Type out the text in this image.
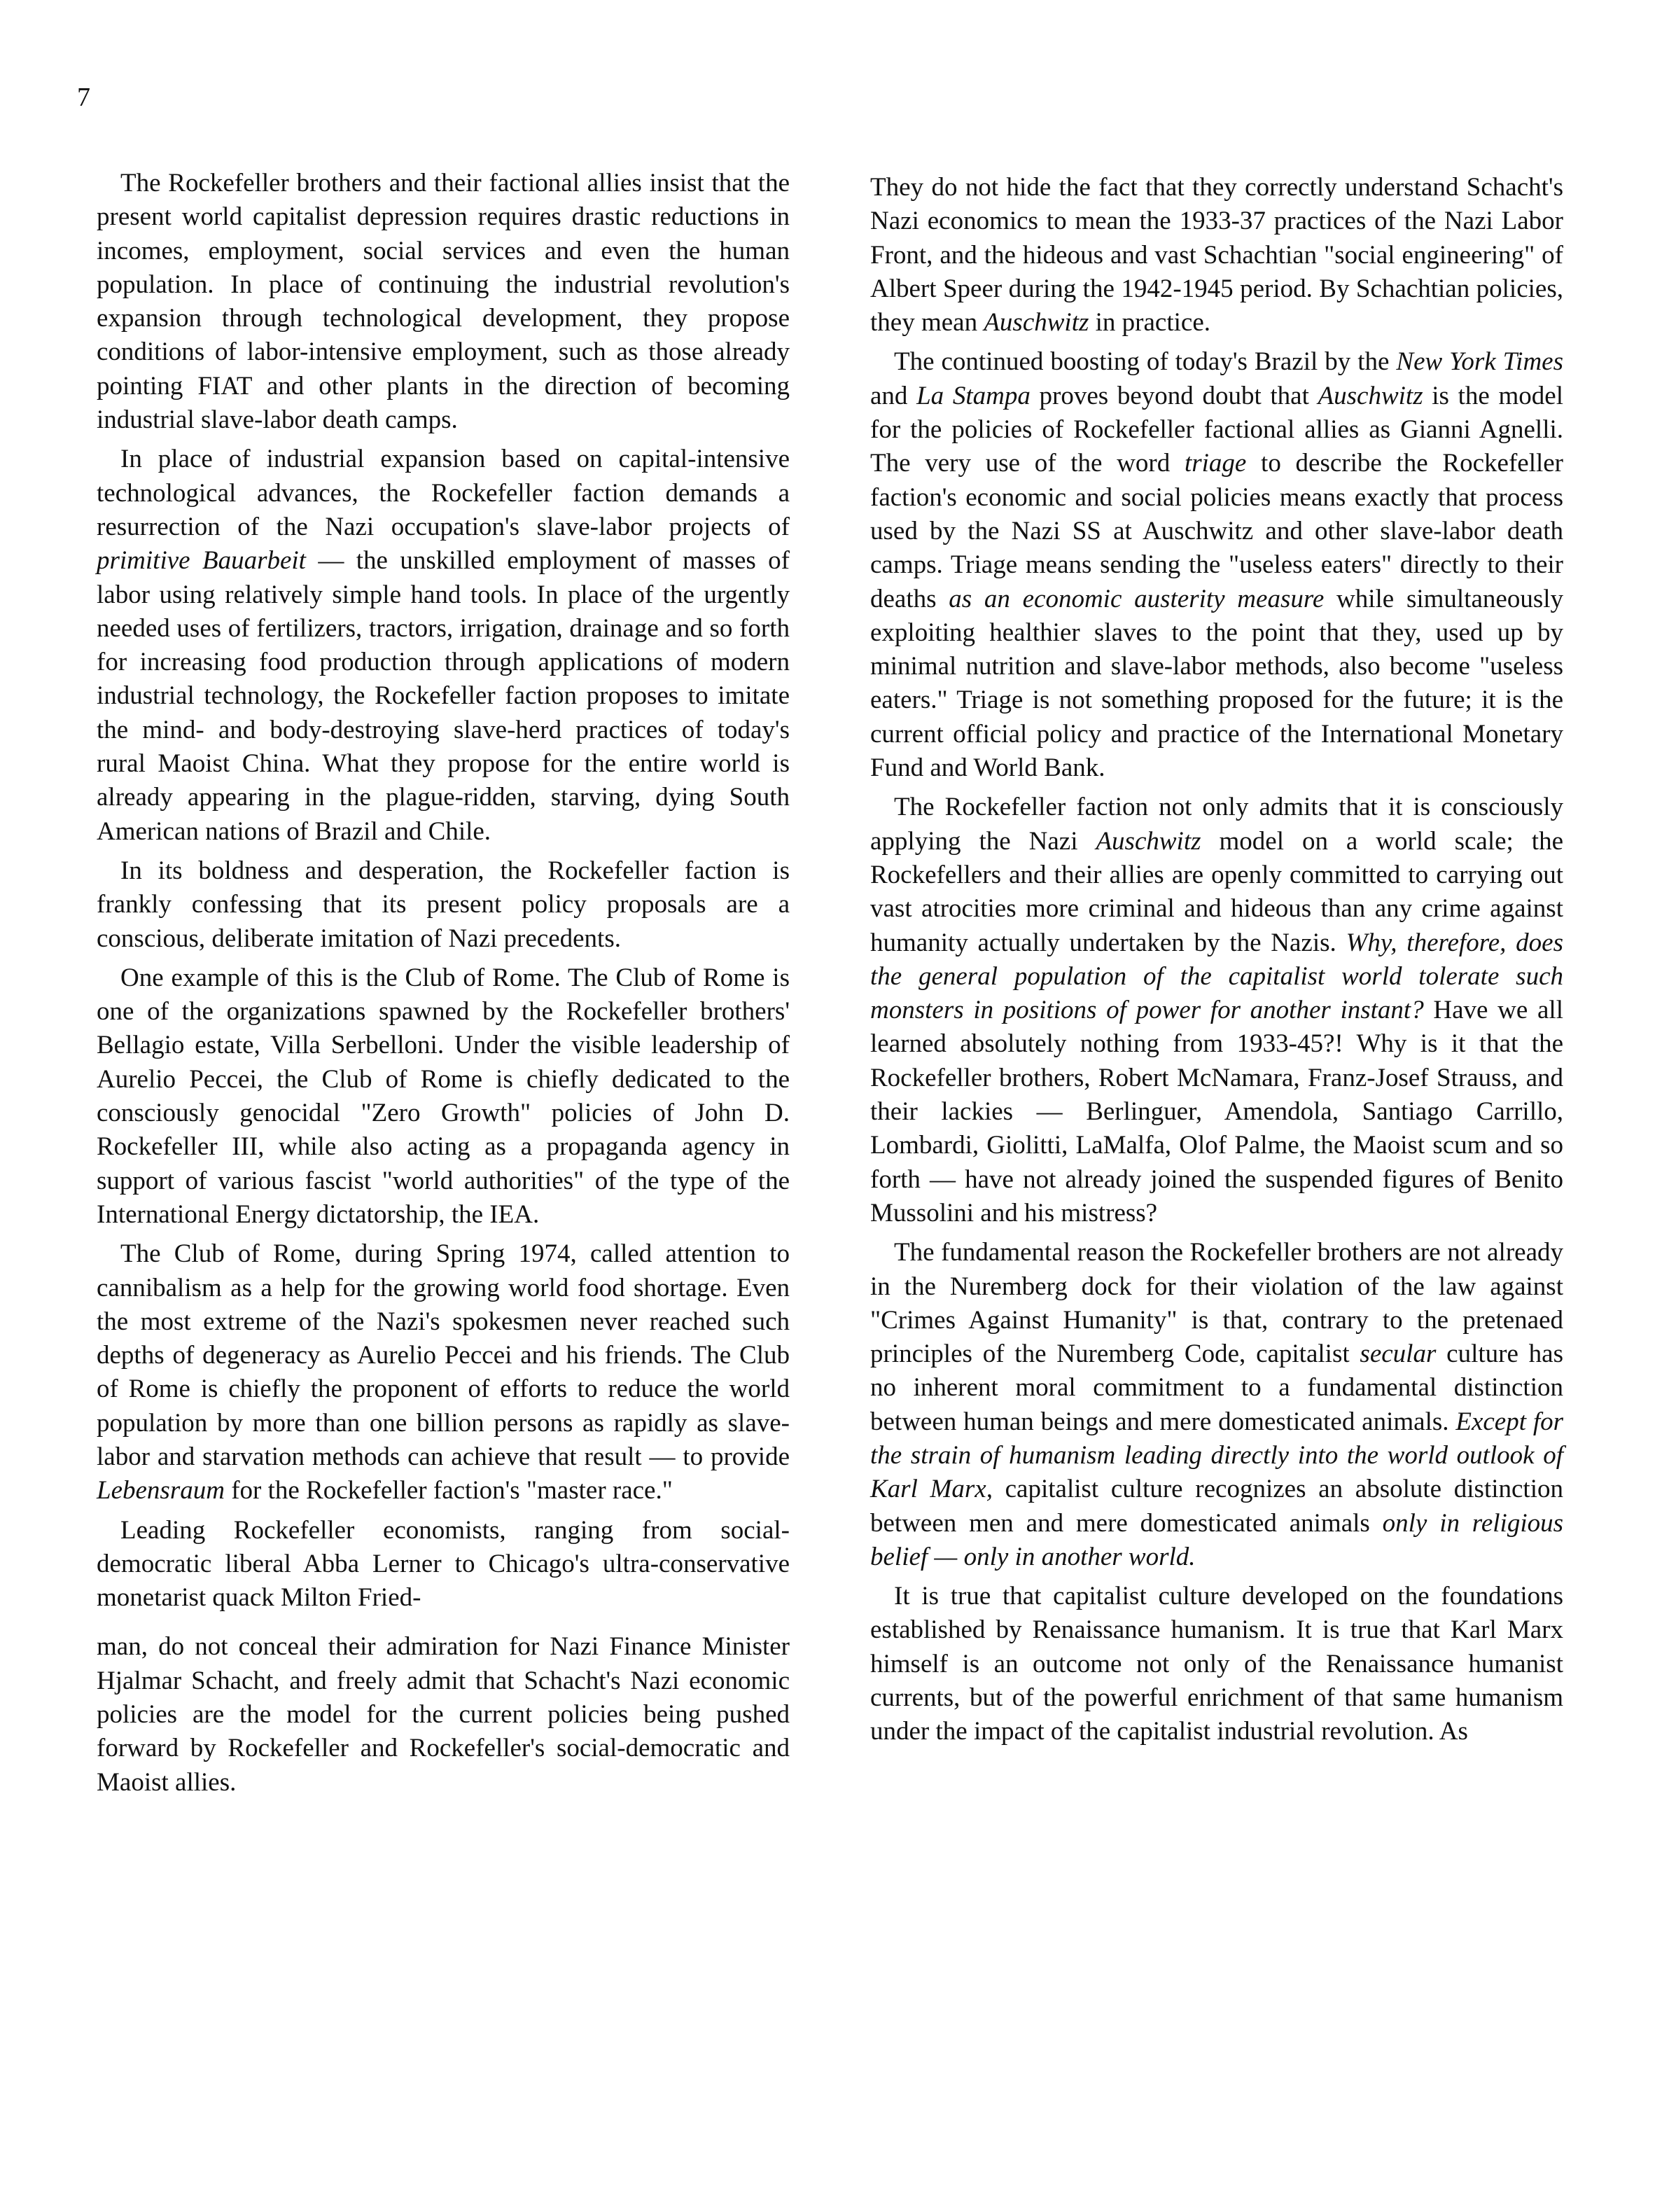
7

The Rockefeller brothers and their factional allies insist that the present world capitalist depression requires drastic reductions in incomes, employment, social services and even the human population. In place of continuing the industrial revolution's expansion through technological development, they propose conditions of labor-intensive employment, such as those already pointing FIAT and other plants in the direction of becoming industrial slave-labor death camps.

In place of industrial expansion based on capital-intensive technological advances, the Rockefeller faction demands a resurrection of the Nazi occupation's slave-labor projects of primitive Bauarbeit — the unskilled employment of masses of labor using relatively simple hand tools. In place of the urgently needed uses of fertilizers, tractors, irrigation, drainage and so forth for increasing food production through applications of modern industrial technology, the Rockefeller faction proposes to imitate the mind- and body-destroying slave-herd practices of today's rural Maoist China. What they propose for the entire world is already appearing in the plague-ridden, starving, dying South American nations of Brazil and Chile.

In its boldness and desperation, the Rockefeller faction is frankly confessing that its present policy proposals are a conscious, deliberate imitation of Nazi precedents.

One example of this is the Club of Rome. The Club of Rome is one of the organizations spawned by the Rockefeller brothers' Bellagio estate, Villa Serbelloni. Under the visible leadership of Aurelio Peccei, the Club of Rome is chiefly dedicated to the consciously genocidal "Zero Growth" policies of John D. Rockefeller III, while also acting as a propaganda agency in support of various fascist "world authorities" of the type of the International Energy dictatorship, the IEA.

The Club of Rome, during Spring 1974, called attention to cannibalism as a help for the growing world food shortage. Even the most extreme of the Nazi's spokesmen never reached such depths of degeneracy as Aurelio Peccei and his friends. The Club of Rome is chiefly the proponent of efforts to reduce the world population by more than one billion persons as rapidly as slave-labor and starvation methods can achieve that result — to provide Lebensraum for the Rockefeller faction's "master race."

Leading Rockefeller economists, ranging from social-democratic liberal Abba Lerner to Chicago's ultra-conservative monetarist quack Milton Fried-

man, do not conceal their admiration for Nazi Finance Minister Hjalmar Schacht, and freely admit that Schacht's Nazi economic policies are the model for the current policies being pushed forward by Rockefeller and Rockefeller's social-democratic and Maoist allies.

They do not hide the fact that they correctly understand Schacht's Nazi economics to mean the 1933-37 practices of the Nazi Labor Front, and the hideous and vast Schachtian "social engineering" of Albert Speer during the 1942-1945 period. By Schachtian policies, they mean Auschwitz in practice.

The continued boosting of today's Brazil by the New York Times and La Stampa proves beyond doubt that Auschwitz is the model for the policies of Rockefeller factional allies as Gianni Agnelli. The very use of the word triage to describe the Rockefeller faction's economic and social policies means exactly that process used by the Nazi SS at Auschwitz and other slave-labor death camps. Triage means sending the "useless eaters" directly to their deaths as an economic austerity measure while simultaneously exploiting healthier slaves to the point that they, used up by minimal nutrition and slave-labor methods, also become "useless eaters." Triage is not something proposed for the future; it is the current official policy and practice of the International Monetary Fund and World Bank.

The Rockefeller faction not only admits that it is consciously applying the Nazi Auschwitz model on a world scale; the Rockefellers and their allies are openly committed to carrying out vast atrocities more criminal and hideous than any crime against humanity actually undertaken by the Nazis. Why, therefore, does the general population of the capitalist world tolerate such monsters in positions of power for another instant? Have we all learned absolutely nothing from 1933-45?! Why is it that the Rockefeller brothers, Robert McNamara, Franz-Josef Strauss, and their lackies — Berlinguer, Amendola, Santiago Carrillo, Lombardi, Giolitti, LaMalfa, Olof Palme, the Maoist scum and so forth — have not already joined the suspended figures of Benito Mussolini and his mistress?

The fundamental reason the Rockefeller brothers are not already in the Nuremberg dock for their violation of the law against "Crimes Against Humanity" is that, contrary to the pretenaed principles of the Nuremberg Code, capitalist secular culture has no inherent moral commitment to a fundamental distinction between human beings and mere domesticated animals. Except for the strain of humanism leading directly into the world outlook of Karl Marx, capitalist culture recognizes an absolute distinction between men and mere domesticated animals only in religious belief — only in another world.

It is true that capitalist culture developed on the foundations established by Renaissance humanism. It is true that Karl Marx himself is an outcome not only of the Renaissance humanist currents, but of the powerful enrichment of that same humanism under the impact of the capitalist industrial revolution. As
